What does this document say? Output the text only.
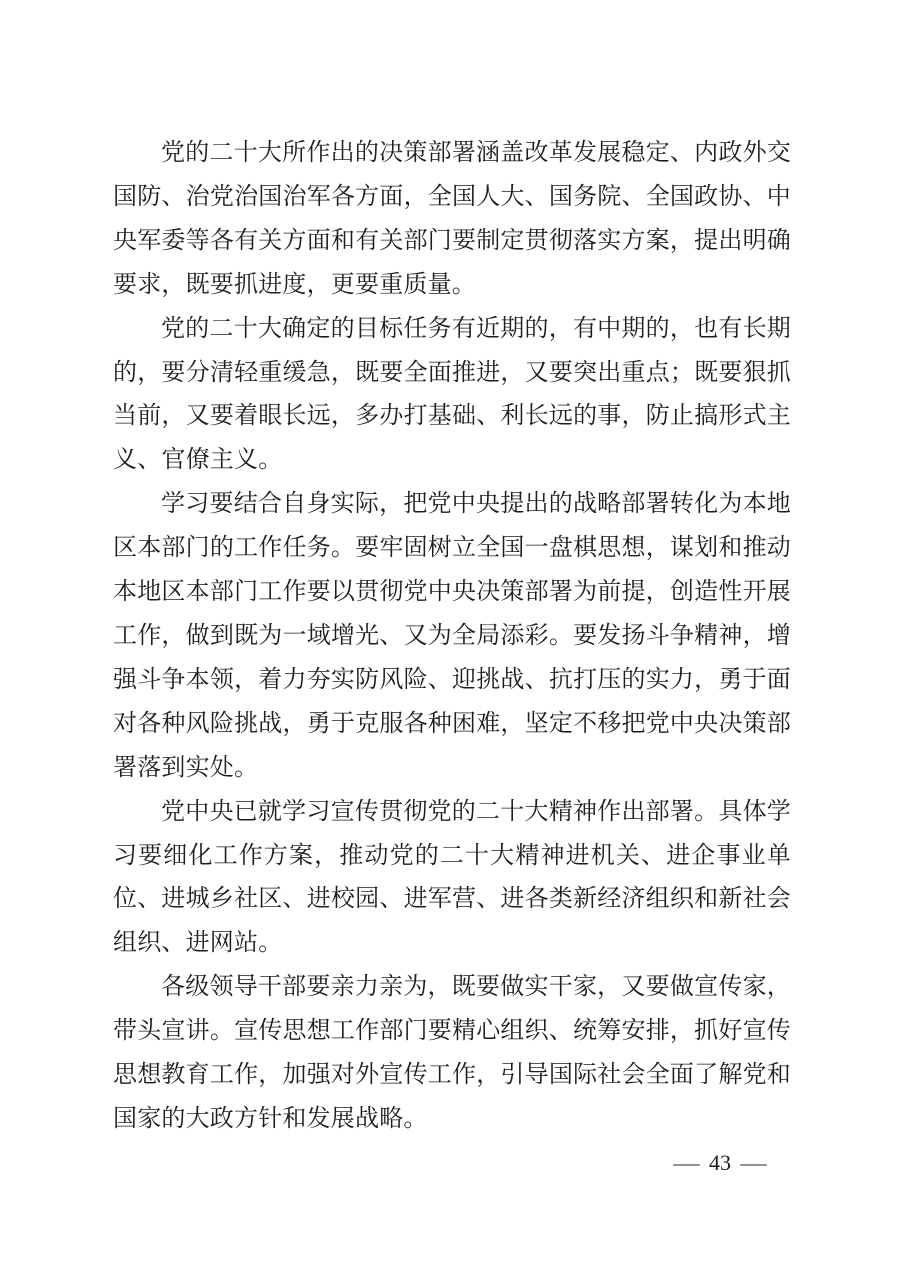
党的二十大所作出的决策部署涵盖改革发展稳定、内政外交国防、治党治国治军各方面，全国人大、国务院、全国政协、中央军委等各有关方面和有关部门要制定贯彻落实方案，提出明确要求，既要抓进度，更要重质量。

党的二十大确定的目标任务有近期的，有中期的，也有长期的，要分清轻重缓急，既要全面推进，又要突出重点；既要狠抓当前，又要着眼长远，多办打基础、利长远的事，防止搞形式主义、官僚主义。

学习要结合自身实际，把党中央提出的战略部署转化为本地区本部门的工作任务。要牢固树立全国一盘棋思想，谋划和推动本地区本部门工作要以贯彻党中央决策部署为前提，创造性开展工作，做到既为一域增光、又为全局添彩。要发扬斗争精神，增强斗争本领，着力夯实防风险、迎挑战、抗打压的实力，勇于面对各种风险挑战，勇于克服各种困难，坚定不移把党中央决策部署落到实处。

党中央已就学习宣传贯彻党的二十大精神作出部署。具体学习要细化工作方案，推动党的二十大精神进机关、进企事业单位、进城乡社区、进校园、进军营、进各类新经济组织和新社会组织、进网站。

各级领导干部要亲力亲为，既要做实干家，又要做宣传家，带头宣讲。宣传思想工作部门要精心组织、统筹安排，抓好宣传思想教育工作，加强对外宣传工作，引导国际社会全面了解党和国家的大政方针和发展战略。

— 43 —
